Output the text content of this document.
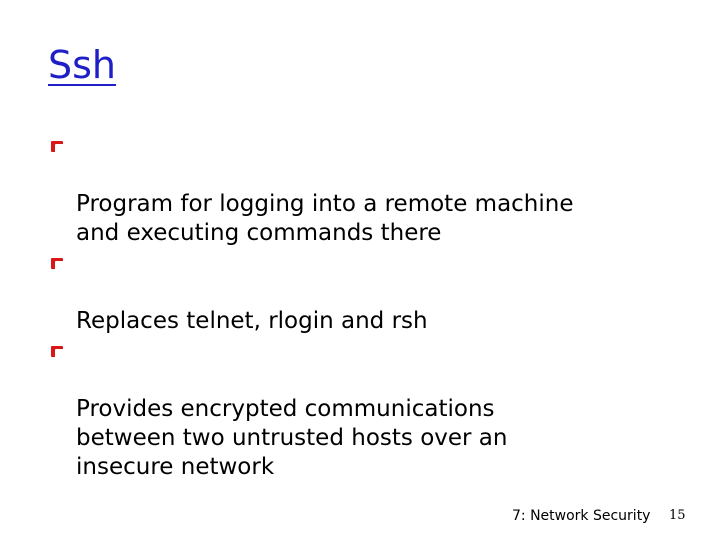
Ssh

Program for logging into a remote machine
and executing commands there

Replaces telnet, rlogin and rsh

Provides encrypted communications
between two untrusted hosts over an
insecure network

7: Network Security 15
